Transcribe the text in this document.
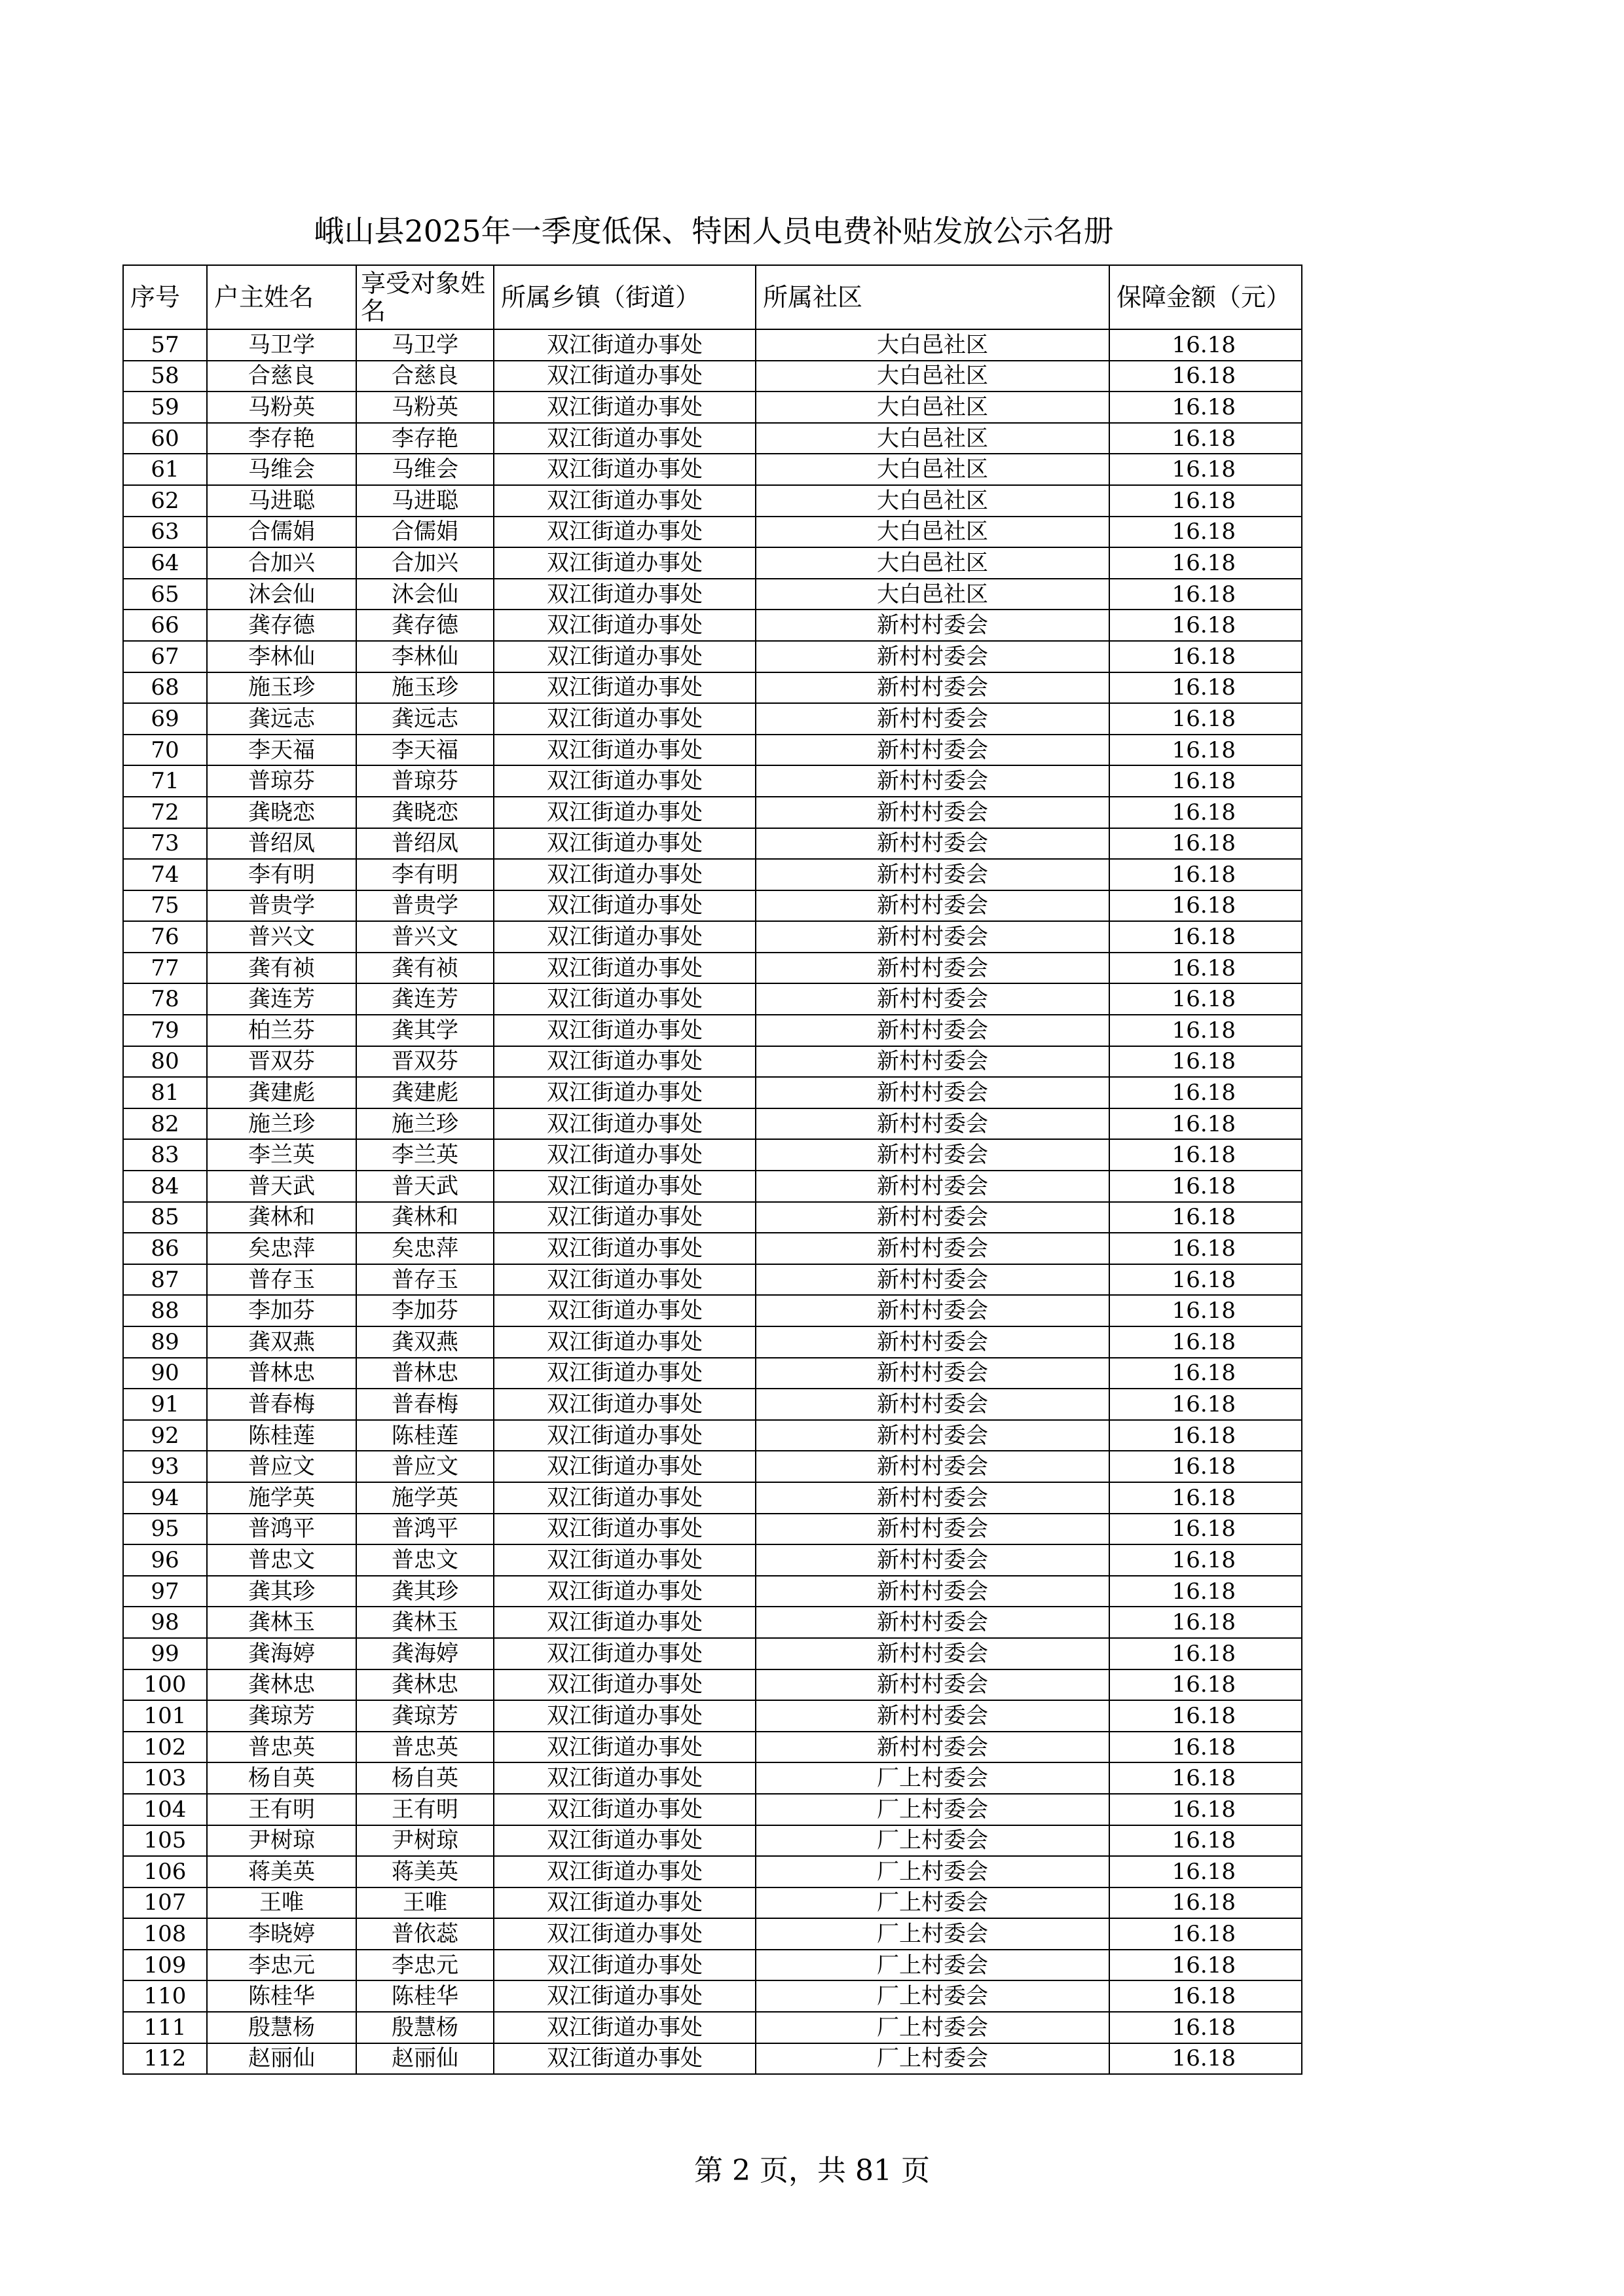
峨山县2025年一季度低保、特困人员电费补贴发放公示名册
序号	户主姓名	享受对象姓名	所属乡镇（街道）	所属社区	保障金额（元）
57	马卫学	马卫学	双江街道办事处	大白邑社区	16.18
58	合慈良	合慈良	双江街道办事处	大白邑社区	16.18
59	马粉英	马粉英	双江街道办事处	大白邑社区	16.18
60	李存艳	李存艳	双江街道办事处	大白邑社区	16.18
61	马维会	马维会	双江街道办事处	大白邑社区	16.18
62	马进聪	马进聪	双江街道办事处	大白邑社区	16.18
63	合儒娟	合儒娟	双江街道办事处	大白邑社区	16.18
64	合加兴	合加兴	双江街道办事处	大白邑社区	16.18
65	沐会仙	沐会仙	双江街道办事处	大白邑社区	16.18
66	龚存德	龚存德	双江街道办事处	新村村委会	16.18
67	李林仙	李林仙	双江街道办事处	新村村委会	16.18
68	施玉珍	施玉珍	双江街道办事处	新村村委会	16.18
69	龚远志	龚远志	双江街道办事处	新村村委会	16.18
70	李天福	李天福	双江街道办事处	新村村委会	16.18
71	普琼芬	普琼芬	双江街道办事处	新村村委会	16.18
72	龚晓恋	龚晓恋	双江街道办事处	新村村委会	16.18
73	普绍凤	普绍凤	双江街道办事处	新村村委会	16.18
74	李有明	李有明	双江街道办事处	新村村委会	16.18
75	普贵学	普贵学	双江街道办事处	新村村委会	16.18
76	普兴文	普兴文	双江街道办事处	新村村委会	16.18
77	龚有祯	龚有祯	双江街道办事处	新村村委会	16.18
78	龚连芳	龚连芳	双江街道办事处	新村村委会	16.18
79	柏兰芬	龚其学	双江街道办事处	新村村委会	16.18
80	晋双芬	晋双芬	双江街道办事处	新村村委会	16.18
81	龚建彪	龚建彪	双江街道办事处	新村村委会	16.18
82	施兰珍	施兰珍	双江街道办事处	新村村委会	16.18
83	李兰英	李兰英	双江街道办事处	新村村委会	16.18
84	普天武	普天武	双江街道办事处	新村村委会	16.18
85	龚林和	龚林和	双江街道办事处	新村村委会	16.18
86	矣忠萍	矣忠萍	双江街道办事处	新村村委会	16.18
87	普存玉	普存玉	双江街道办事处	新村村委会	16.18
88	李加芬	李加芬	双江街道办事处	新村村委会	16.18
89	龚双燕	龚双燕	双江街道办事处	新村村委会	16.18
90	普林忠	普林忠	双江街道办事处	新村村委会	16.18
91	普春梅	普春梅	双江街道办事处	新村村委会	16.18
92	陈桂莲	陈桂莲	双江街道办事处	新村村委会	16.18
93	普应文	普应文	双江街道办事处	新村村委会	16.18
94	施学英	施学英	双江街道办事处	新村村委会	16.18
95	普鸿平	普鸿平	双江街道办事处	新村村委会	16.18
96	普忠文	普忠文	双江街道办事处	新村村委会	16.18
97	龚其珍	龚其珍	双江街道办事处	新村村委会	16.18
98	龚林玉	龚林玉	双江街道办事处	新村村委会	16.18
99	龚海婷	龚海婷	双江街道办事处	新村村委会	16.18
100	龚林忠	龚林忠	双江街道办事处	新村村委会	16.18
101	龚琼芳	龚琼芳	双江街道办事处	新村村委会	16.18
102	普忠英	普忠英	双江街道办事处	新村村委会	16.18
103	杨自英	杨自英	双江街道办事处	厂上村委会	16.18
104	王有明	王有明	双江街道办事处	厂上村委会	16.18
105	尹树琼	尹树琼	双江街道办事处	厂上村委会	16.18
106	蒋美英	蒋美英	双江街道办事处	厂上村委会	16.18
107	王唯	王唯	双江街道办事处	厂上村委会	16.18
108	李晓婷	普依蕊	双江街道办事处	厂上村委会	16.18
109	李忠元	李忠元	双江街道办事处	厂上村委会	16.18
110	陈桂华	陈桂华	双江街道办事处	厂上村委会	16.18
111	殷慧杨	殷慧杨	双江街道办事处	厂上村委会	16.18
112	赵丽仙	赵丽仙	双江街道办事处	厂上村委会	16.18
第 2 页，共 81 页
